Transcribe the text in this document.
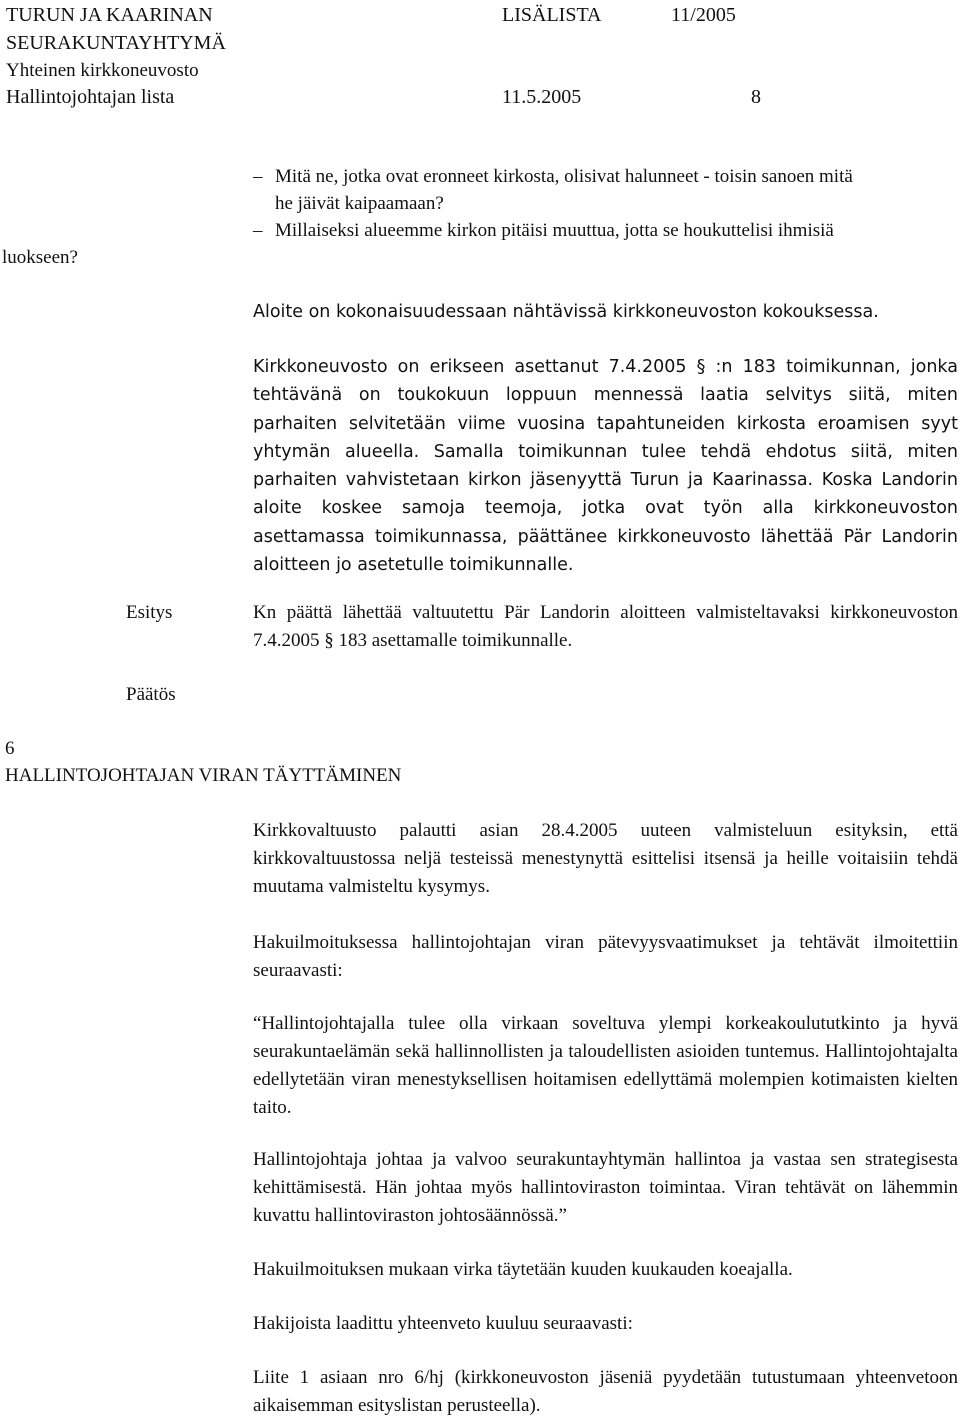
TURUN JA KAARINAN
SEURAKUNTAYHTYMÄ
Yhteinen kirkkoneuvosto
Hallintojohtajan lista
LISÄLISTA	11/2005
11.5.2005	8
– Mitä ne, jotka ovat eronneet kirkosta, olisivat halunneet - toisin sanoen mitä
he jäivät kaipaamaan?
– Millaiseksi alueemme kirkon pitäisi muuttua, jotta se houkuttelisi ihmisiä
luokseen?
Aloite on kokonaisuudessaan nähtävissä kirkkoneuvoston kokouksessa.
Kirkkoneuvosto on erikseen asettanut 7.4.2005 § :n 183 toimikunnan, jonka tehtävänä on toukokuun loppuun mennessä laatia selvitys siitä, miten parhaiten selvitetään viime vuosina tapahtuneiden kirkosta eroamisen syyt yhtymän alueella. Samalla toimikunnan tulee tehdä ehdotus siitä, miten parhaiten vahvistetaan kirkon jäsenyyttä Turun ja Kaarinassa. Koska Landorin aloite koskee samoja teemoja, jotka ovat työn alla kirkkoneuvoston asettamassa toimikunnassa, päättänee kirkkoneuvosto lähettää Pär Landorin aloitteen jo asetetulle toimikunnalle.
Esitys	Kn päättä lähettää valtuutettu Pär Landorin aloitteen valmisteltavaksi kirkkoneuvoston 7.4.2005 § 183 asettamalle toimikunnalle.
Päätös
6
HALLINTOJOHTAJAN VIRAN TÄYTTÄMINEN
Kirkkovaltuusto palautti asian 28.4.2005 uuteen valmisteluun esityksin, että kirkkovaltuustossa neljä testeissä menestynyttä esittelisi itsensä ja heille voitaisiin tehdä muutama valmisteltu kysymys.
Hakuilmoituksessa hallintojohtajan viran pätevyysvaatimukset ja tehtävät ilmoitettiin seuraavasti:
“Hallintojohtajalla tulee olla virkaan soveltuva ylempi korkeakoulututkinto ja hyvä seurakuntaelämän sekä hallinnollisten ja taloudellisten asioiden tuntemus. Hallintojohtajalta edellytetään viran menestyksellisen hoitamisen edellyttämä molempien kotimaisten kielten taito.
Hallintojohtaja johtaa ja valvoo seurakuntayhtymän hallintoa ja vastaa sen strategisesta kehittämisestä. Hän johtaa myös hallintoviraston toimintaa. Viran tehtävät on lähemmin kuvattu hallintoviraston johtosäännössä.”
Hakuilmoituksen mukaan virka täytetään kuuden kuukauden koeajalla.
Hakijoista laadittu yhteenveto kuuluu seuraavasti:
Liite 1 asiaan nro 6/hj (kirkkoneuvoston jäseniä pyydetään tutustumaan yhteenvetoon aikaisemman esityslistan perusteella).
